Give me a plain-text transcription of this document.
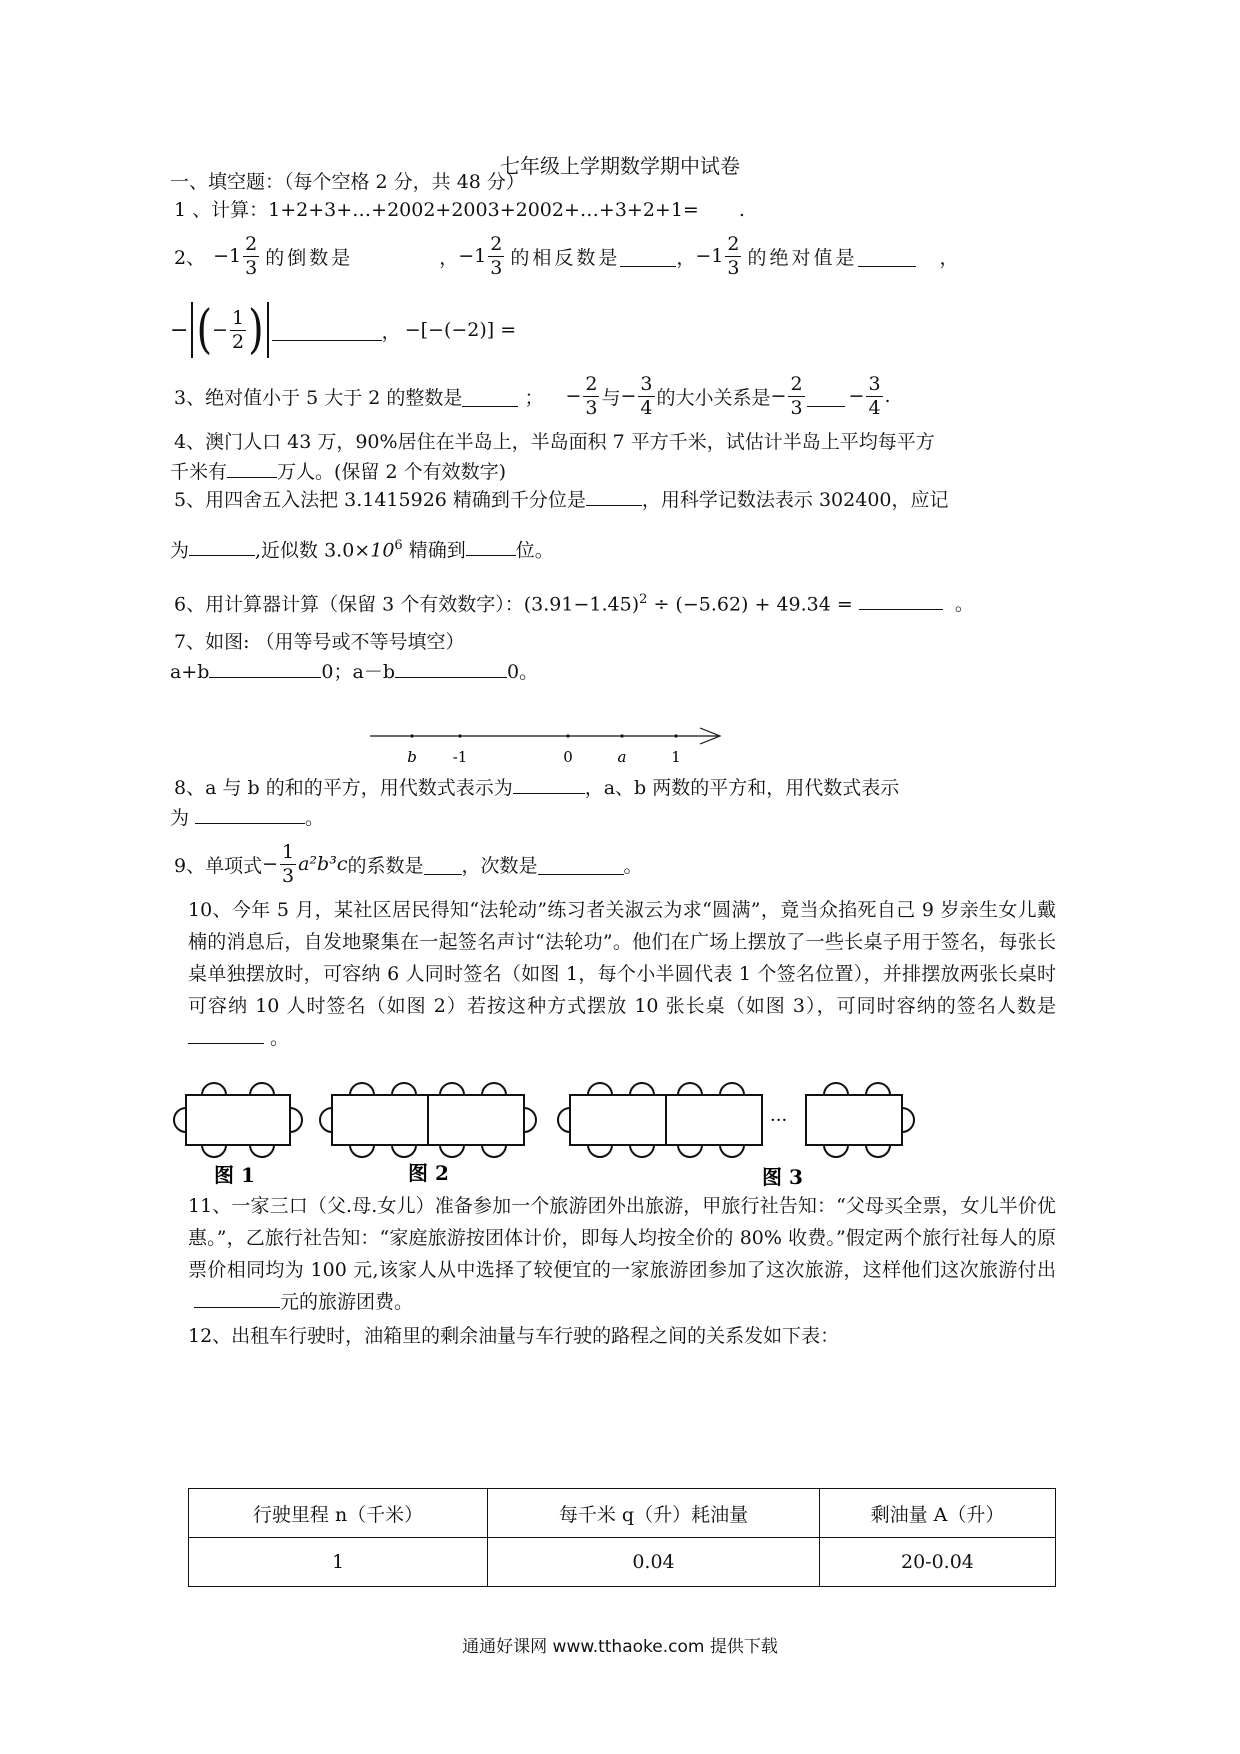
七年级上学期数学期中试卷
一、填空题：（每个空格 2 分，共 48 分）
1 、计算：1+2+3+…+2002+2003+2002+…+3+2+1= .
2、 $-1 \frac{2}{3}$ 的倒数是	， $-1 \frac{2}{3}$ 的相反数是	， $-1 \frac{2}{3}$ 的绝对值是	，
− ( − $\frac{1}{2}$ )	， −[−(−2)] =
3、绝对值小于 5 大于 2 的整数是	； − $\frac{2}{3}$ 与 − $\frac{3}{4}$ 的大小关系是 − $\frac{2}{3} - \frac{3}{4}$ .
4、澳门人口 43 万，90%居住在半岛上，半岛面积 7 平方千米，试估计半岛上平均每平方
千米有	万人。(保留 2 个有效数字)
5、用四舍五入法把 3.1415926 精确到千分位是	，用科学记数法表示 302400，应记
为	,近似数 $3.0\times 10^6$ 精确到	位。
6、用计算器计算（保留 3 个有效数字）：$(3.91-1.45)^2 \div (-5.62) + 49.34$ =	。
7、如图: （用等号或不等号填空）
a+b	0；a－b	0。
b -1	0	a	1
8、a 与 b 的和的平方，用代数式表示为	，a、b 两数的平方和，用代数式表示
为	。
9、单项式 − $\frac{1}{3} a^2b^3c$ 的系数是 ，次数是	。
10、今年 5 月，某社区居民得知“法轮动”练习者关淑云为求“圆满”，竟当众掐死自己 9 岁亲生女儿戴楠的消息后，自发地聚集在一起签名声讨“法轮功”。他们在广场上摆放了一些长桌子用于签名，每张长桌单独摆放时，可容纳 6 人同时签名（如图 1，每个小半圆代表 1 个签名位置），并排摆放两张长桌时可容纳 10 人时签名（如图 2）若按这种方式摆放 10 张长桌（如图 3），可同时容纳的签名人数是。
···
图 1	图 2	图 3
11、一家三口（父.母.女儿）准备参加一个旅游团外出旅游，甲旅行社告知：“父母买全票，女儿半价优惠。”，乙旅行社告知：“家庭旅游按团体计价，即每人均按全价的 80% 收费。”假定两个旅行社每人的原票价相同均为 100 元,该家人从中选择了较便宜的一家旅游团参加了这次旅游，这样他们这次旅游付出元的旅游团费。
12、出租车行驶时，油箱里的剩余油量与车行驶的路程之间的关系发如下表：
行驶里程 n（千米）	每千米 q（升）耗油量	剩油量 A（升）
1	0.04	20-0.04
通通好课网 www.tthaoke.com 提供下载
